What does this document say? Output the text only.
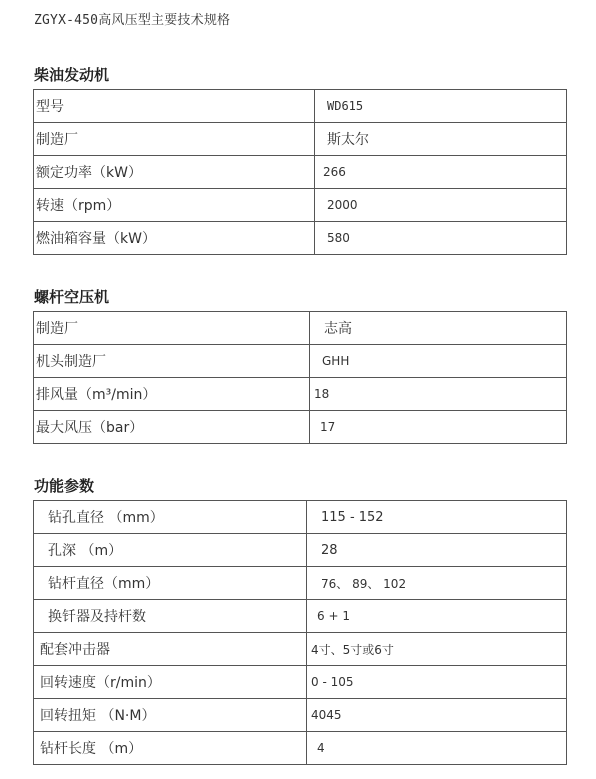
ZGYX-450高风压型主要技术规格
柴油发动机
型号	WD615
制造厂	斯太尔
额定功率（kW）	266
转速（rpm）	2000
燃油箱容量（kW）	580
螺杆空压机
制造厂	志高
机头制造厂	GHH
排风量（m³/min）	18
最大风压（bar）	17
功能参数
钻孔直径 （mm）	115 - 152
孔深 （m）	28
钻杆直径（mm）	76、 89、 102
换钎器及持杆数	6 + 1
配套冲击器	4寸、5寸或6寸
回转速度（r/min）	0 - 105
回转扭矩 （N·M）	4045
钻杆长度 （m）	4
